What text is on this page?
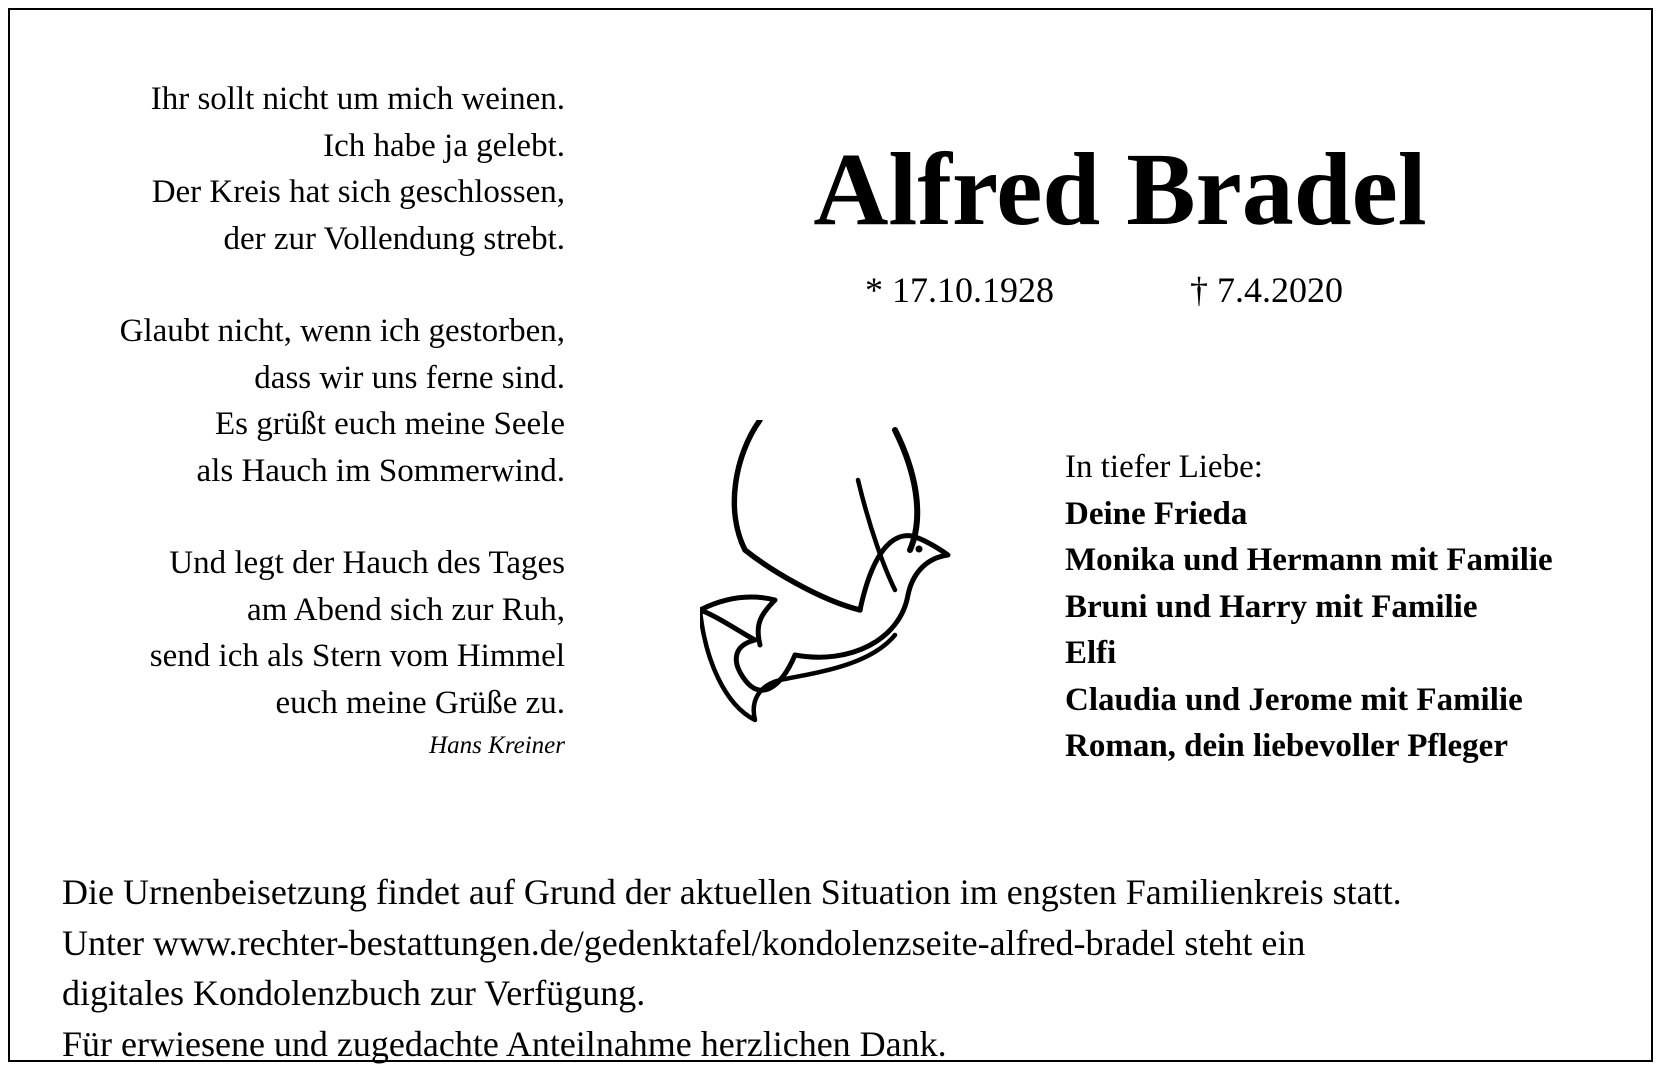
Ihr sollt nicht um mich weinen.
Ich habe ja gelebt.
Der Kreis hat sich geschlossen,
der zur Vollendung strebt.
Glaubt nicht, wenn ich gestorben,
dass wir uns ferne sind.
Es grüßt euch meine Seele
als Hauch im Sommerwind.
Und legt der Hauch des Tages
am Abend sich zur Ruh,
send ich als Stern vom Himmel
euch meine Grüße zu.
Hans Kreiner
Alfred Bradel
* 17.10.1928	† 7.4.2020
In tiefer Liebe:
Deine Frieda
Monika und Hermann mit Familie
Bruni und Harry mit Familie
Elfi
Claudia und Jerome mit Familie
Roman, dein liebevoller Pfleger
Die Urnenbeisetzung findet auf Grund der aktuellen Situation im engsten Familienkreis statt.
Unter www.rechter-bestattungen.de/gedenktafel/kondolenzseite-alfred-bradel steht ein
digitales Kondolenzbuch zur Verfügung.
Für erwiesene und zugedachte Anteilnahme herzlichen Dank.
